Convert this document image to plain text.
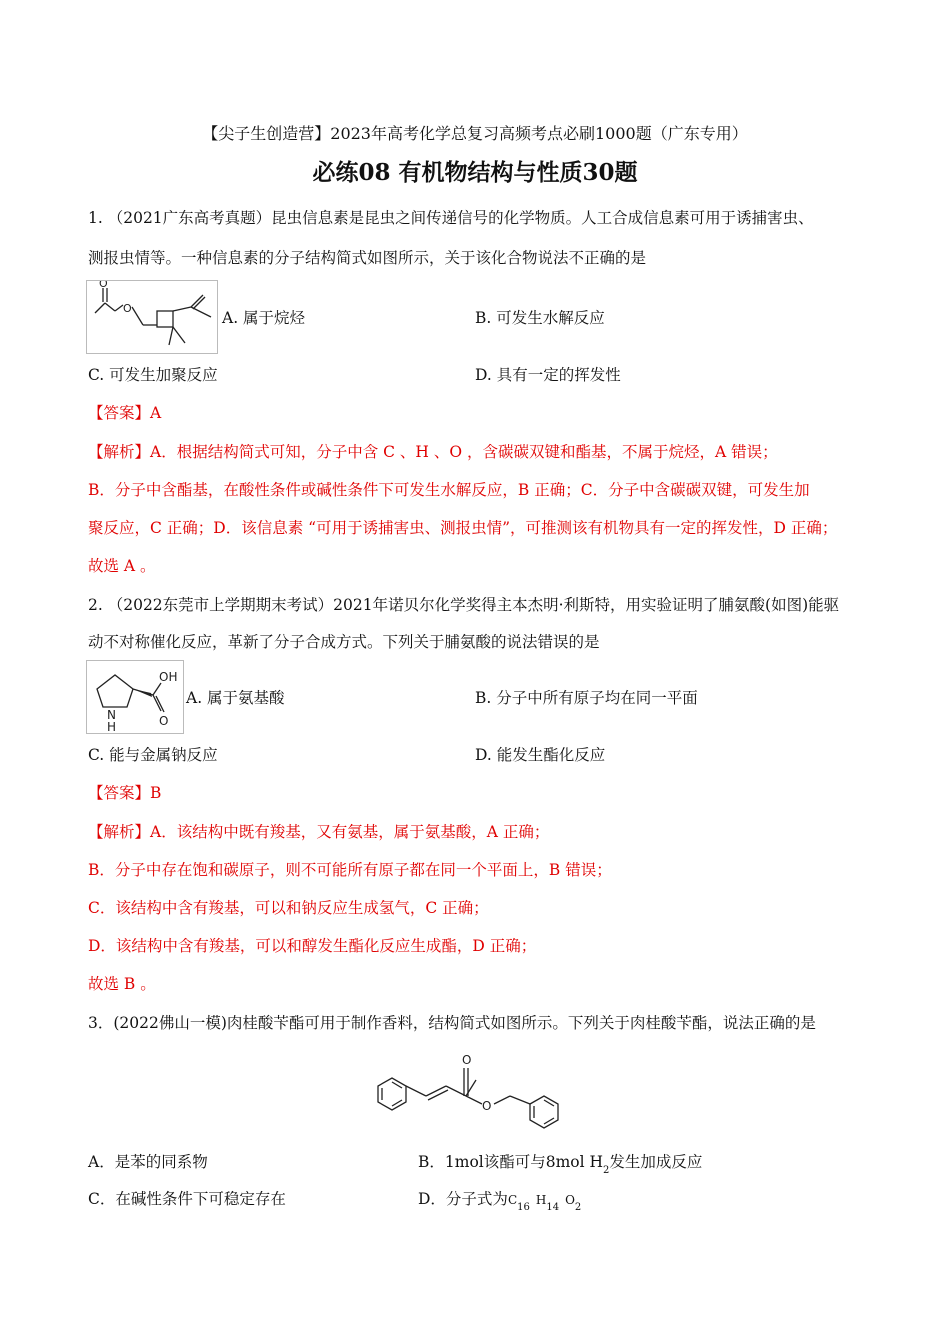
【尖子生创造营】2023年高考化学总复习高频考点必刷1000题（广东专用）
必练08 有机物结构与性质30题
1. （2021广东高考真题）昆虫信息素是昆虫之间传递信号的化学物质。人工合成信息素可用于诱捕害虫、
测报虫情等。一种信息素的分子结构简式如图所示，关于该化合物说法不正确的是
O
O
A. 属于烷烃	B. 可发生水解反应
C. 可发生加聚反应	D. 具有一定的挥发性
【答案】A
【解析】A．根据结构简式可知，分子中含 C 、H 、O ，含碳碳双键和酯基，不属于烷烃，A 错误；
B．分子中含酯基，在酸性条件或碱性条件下可发生水解反应，B 正确；C．分子中含碳碳双键，可发生加
聚反应，C 正确；D．该信息素 “可用于诱捕害虫、测报虫情”，可推测该有机物具有一定的挥发性，D 正确；
故选 A 。
2. （2022东莞市上学期期末考试）2021年诺贝尔化学奖得主本杰明·利斯特，用实验证明了脯氨酸(如图)能驱
动不对称催化反应，革新了分子合成方式。下列关于脯氨酸的说法错误的是
OH
N
H	O
A. 属于氨基酸	B. 分子中所有原子均在同一平面
C. 能与金属钠反应	D. 能发生酯化反应
【答案】B
【解析】A．该结构中既有羧基，又有氨基，属于氨基酸，A 正确；
B．分子中存在饱和碳原子，则不可能所有原子都在同一个平面上，B 错误；
C．该结构中含有羧基，可以和钠反应生成氢气，C 正确；
D．该结构中含有羧基，可以和醇发生酯化反应生成酯，D 正确；
故选 B 。
3．(2022佛山一模)肉桂酸苄酯可用于制作香料，结构简式如图所示。下列关于肉桂酸苄酯，说法正确的是
O
O
A．是苯的同系物	B．1mol该酯可与8mol $H_2$发生加成反应
C．在碱性条件下可稳定存在	D．分子式为$C_{16}H_{14}O_2$
